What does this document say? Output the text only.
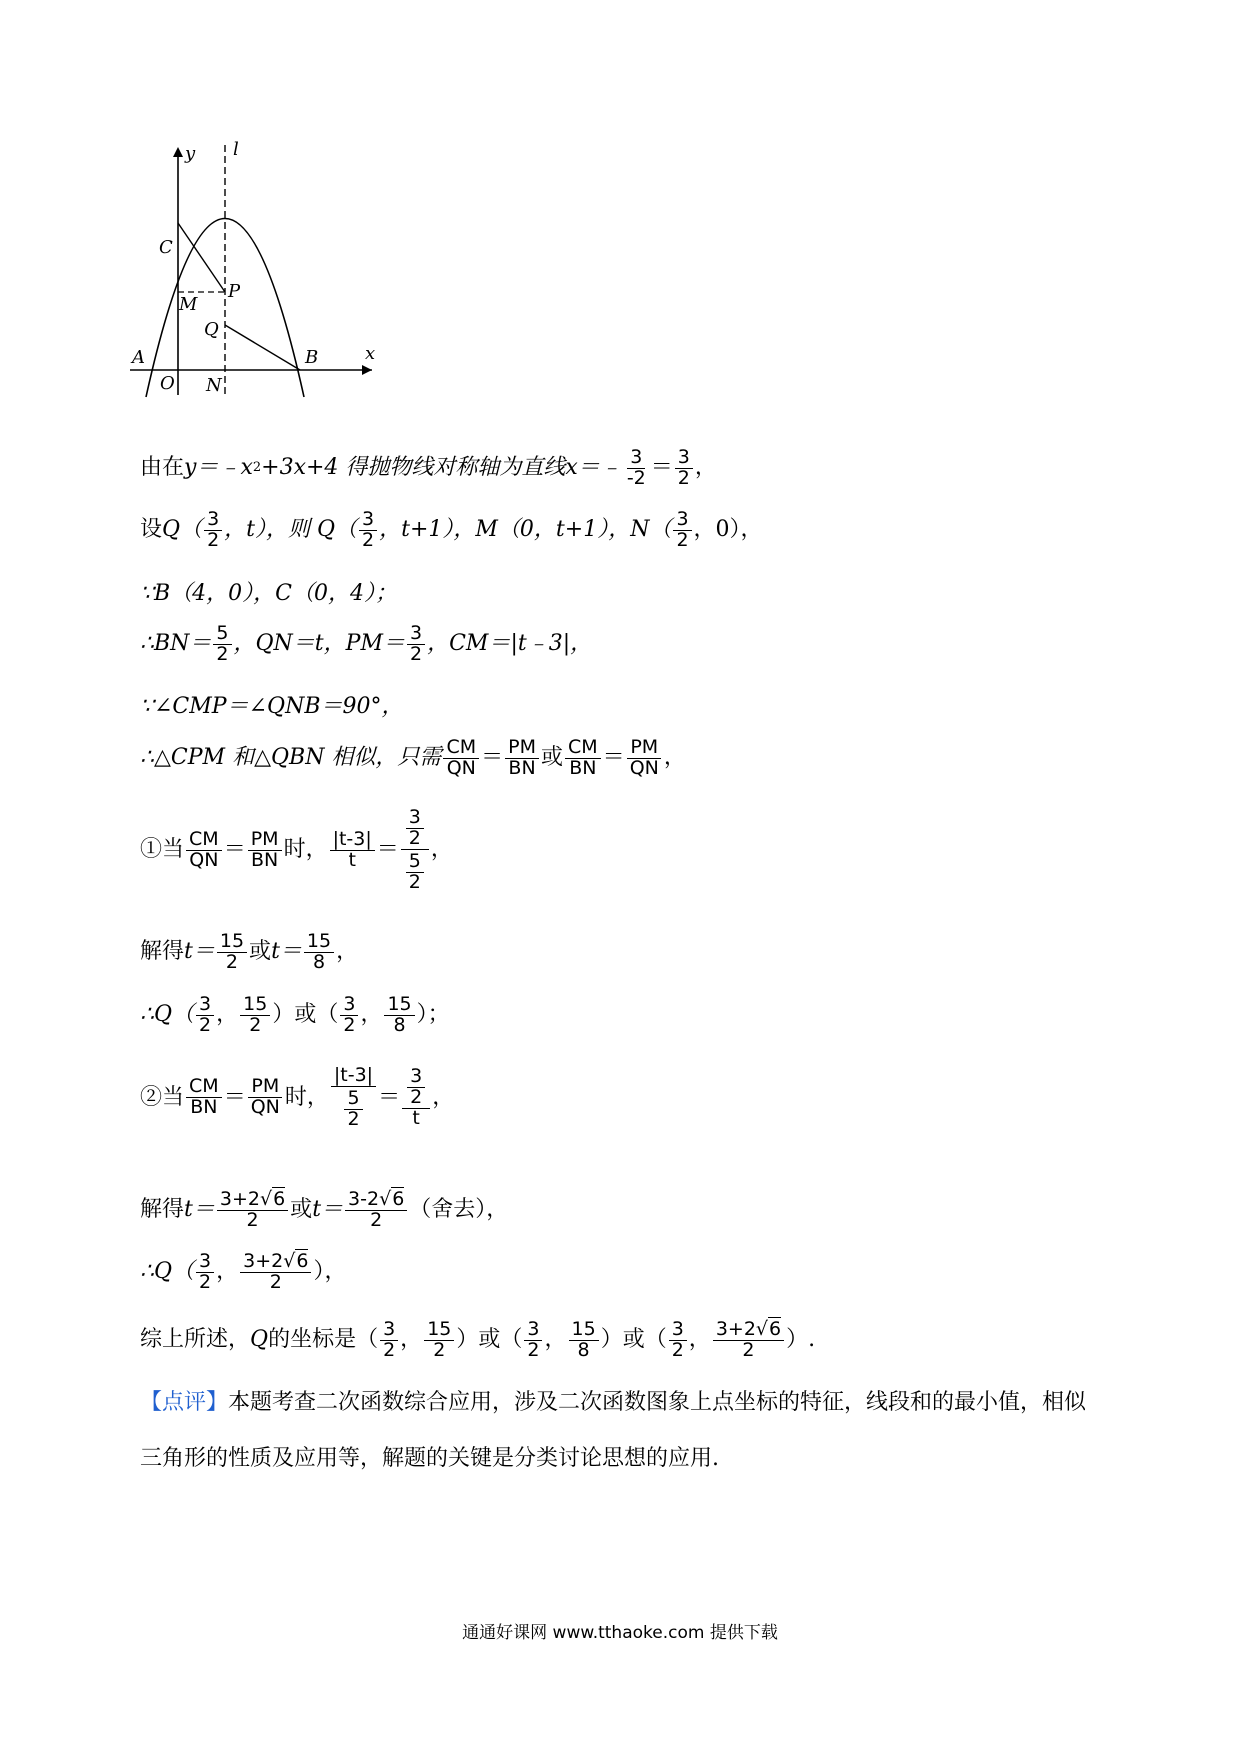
y l
x
C
M
P
Q
A	B
O N
由在 y＝﹣x 2 +3x+4 得抛物线对称轴为直线 x＝﹣ $\frac{3}{-2} = \frac{3}{2}$ ，
设 $Q( \frac{3}{2}$ ，t），则 $Q( \frac{3}{2}$ ，t+1），M（0，t+1），$N( \frac{3}{2}$ ，0），
∵B（4，0），C（0，4）；
∴BN＝ $\frac{5}{2}$ ，QN＝t，$PM= \frac{3}{2}$ ，CM＝|t﹣3|，
∵∠CMP＝∠QNB＝90°，
∴△CPM 和△QBN 相似，只需 $\frac{CM}{QN} = \frac{PM}{BN}$ 或 $\frac{CM}{BN} = \frac{PM}{QN}$ ，
①当 $\frac{CM}{QN} = \frac{PM}{BN}$ 时， $\frac{|t-3|}{t} = \frac{\frac{3}{2}}{\frac{5}{2}}$ ，
解得 $t= \frac{15}{2}$ 或 $t= \frac{15}{8}$ ，
∴Q（ $\frac{3}{2}$ ， $\frac{15}{2}$ ）或（ $\frac{3}{2}$ ， $\frac{15}{8}$ ）；
②当 $\frac{CM}{BN} = \frac{PM}{QN}$ 时， $\frac{|t-3|}{\frac{5}{2}} = \frac{\frac{3}{2}}{t}$ ，
解得 $t= \frac{3+2√6}{2}$ 或 $t= \frac{3-2√6}{2}$ （舍去），
∴Q（ $\frac{3}{2}$ ， $\frac{3+2√6}{2}$ ），
综上所述， Q 的坐标是（ $\frac{3}{2}$ ， $\frac{15}{2}$ ）或（ $\frac{3}{2}$ ， $\frac{15}{8}$ ）或（ $\frac{3}{2}$ ， $\frac{3+2√6}{2}$ ）.
【点评】本题考查二次函数综合应用，涉及二次函数图象上点坐标的特征，线段和的最小值，相似三角形的性质及应用等，解题的关键是分类讨论思想的应用.
通通好课网 www.tthaoke.com 提供下载
